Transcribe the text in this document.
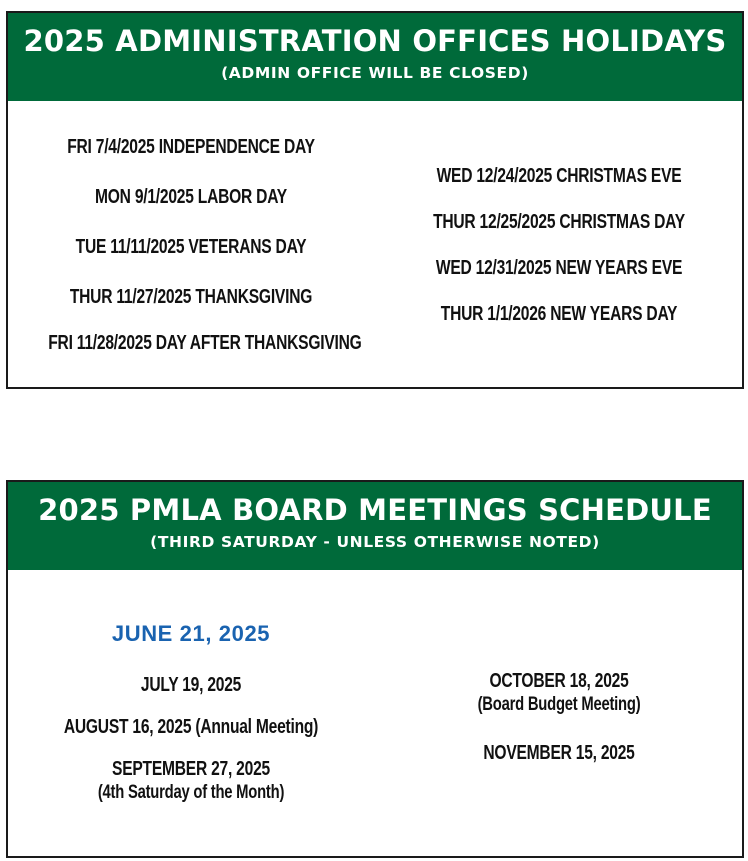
2025 ADMINISTRATION OFFICES HOLIDAYS
(ADMIN OFFICE WILL BE CLOSED)
FRI 7/4/2025 INDEPENDENCE DAY
MON 9/1/2025 LABOR DAY
TUE 11/11/2025 VETERANS DAY
THUR 11/27/2025 THANKSGIVING
FRI 11/28/2025 DAY AFTER THANKSGIVING
WED 12/24/2025 CHRISTMAS EVE
THUR 12/25/2025 CHRISTMAS DAY
WED 12/31/2025 NEW YEARS EVE
THUR 1/1/2026 NEW YEARS DAY
2025 PMLA BOARD MEETINGS SCHEDULE
(THIRD SATURDAY - UNLESS OTHERWISE NOTED)
JUNE 21, 2025
JULY 19, 2025
AUGUST 16, 2025 (Annual Meeting)
SEPTEMBER 27, 2025
(4th Saturday of the Month)
OCTOBER 18, 2025
(Board Budget Meeting)
NOVEMBER 15, 2025
